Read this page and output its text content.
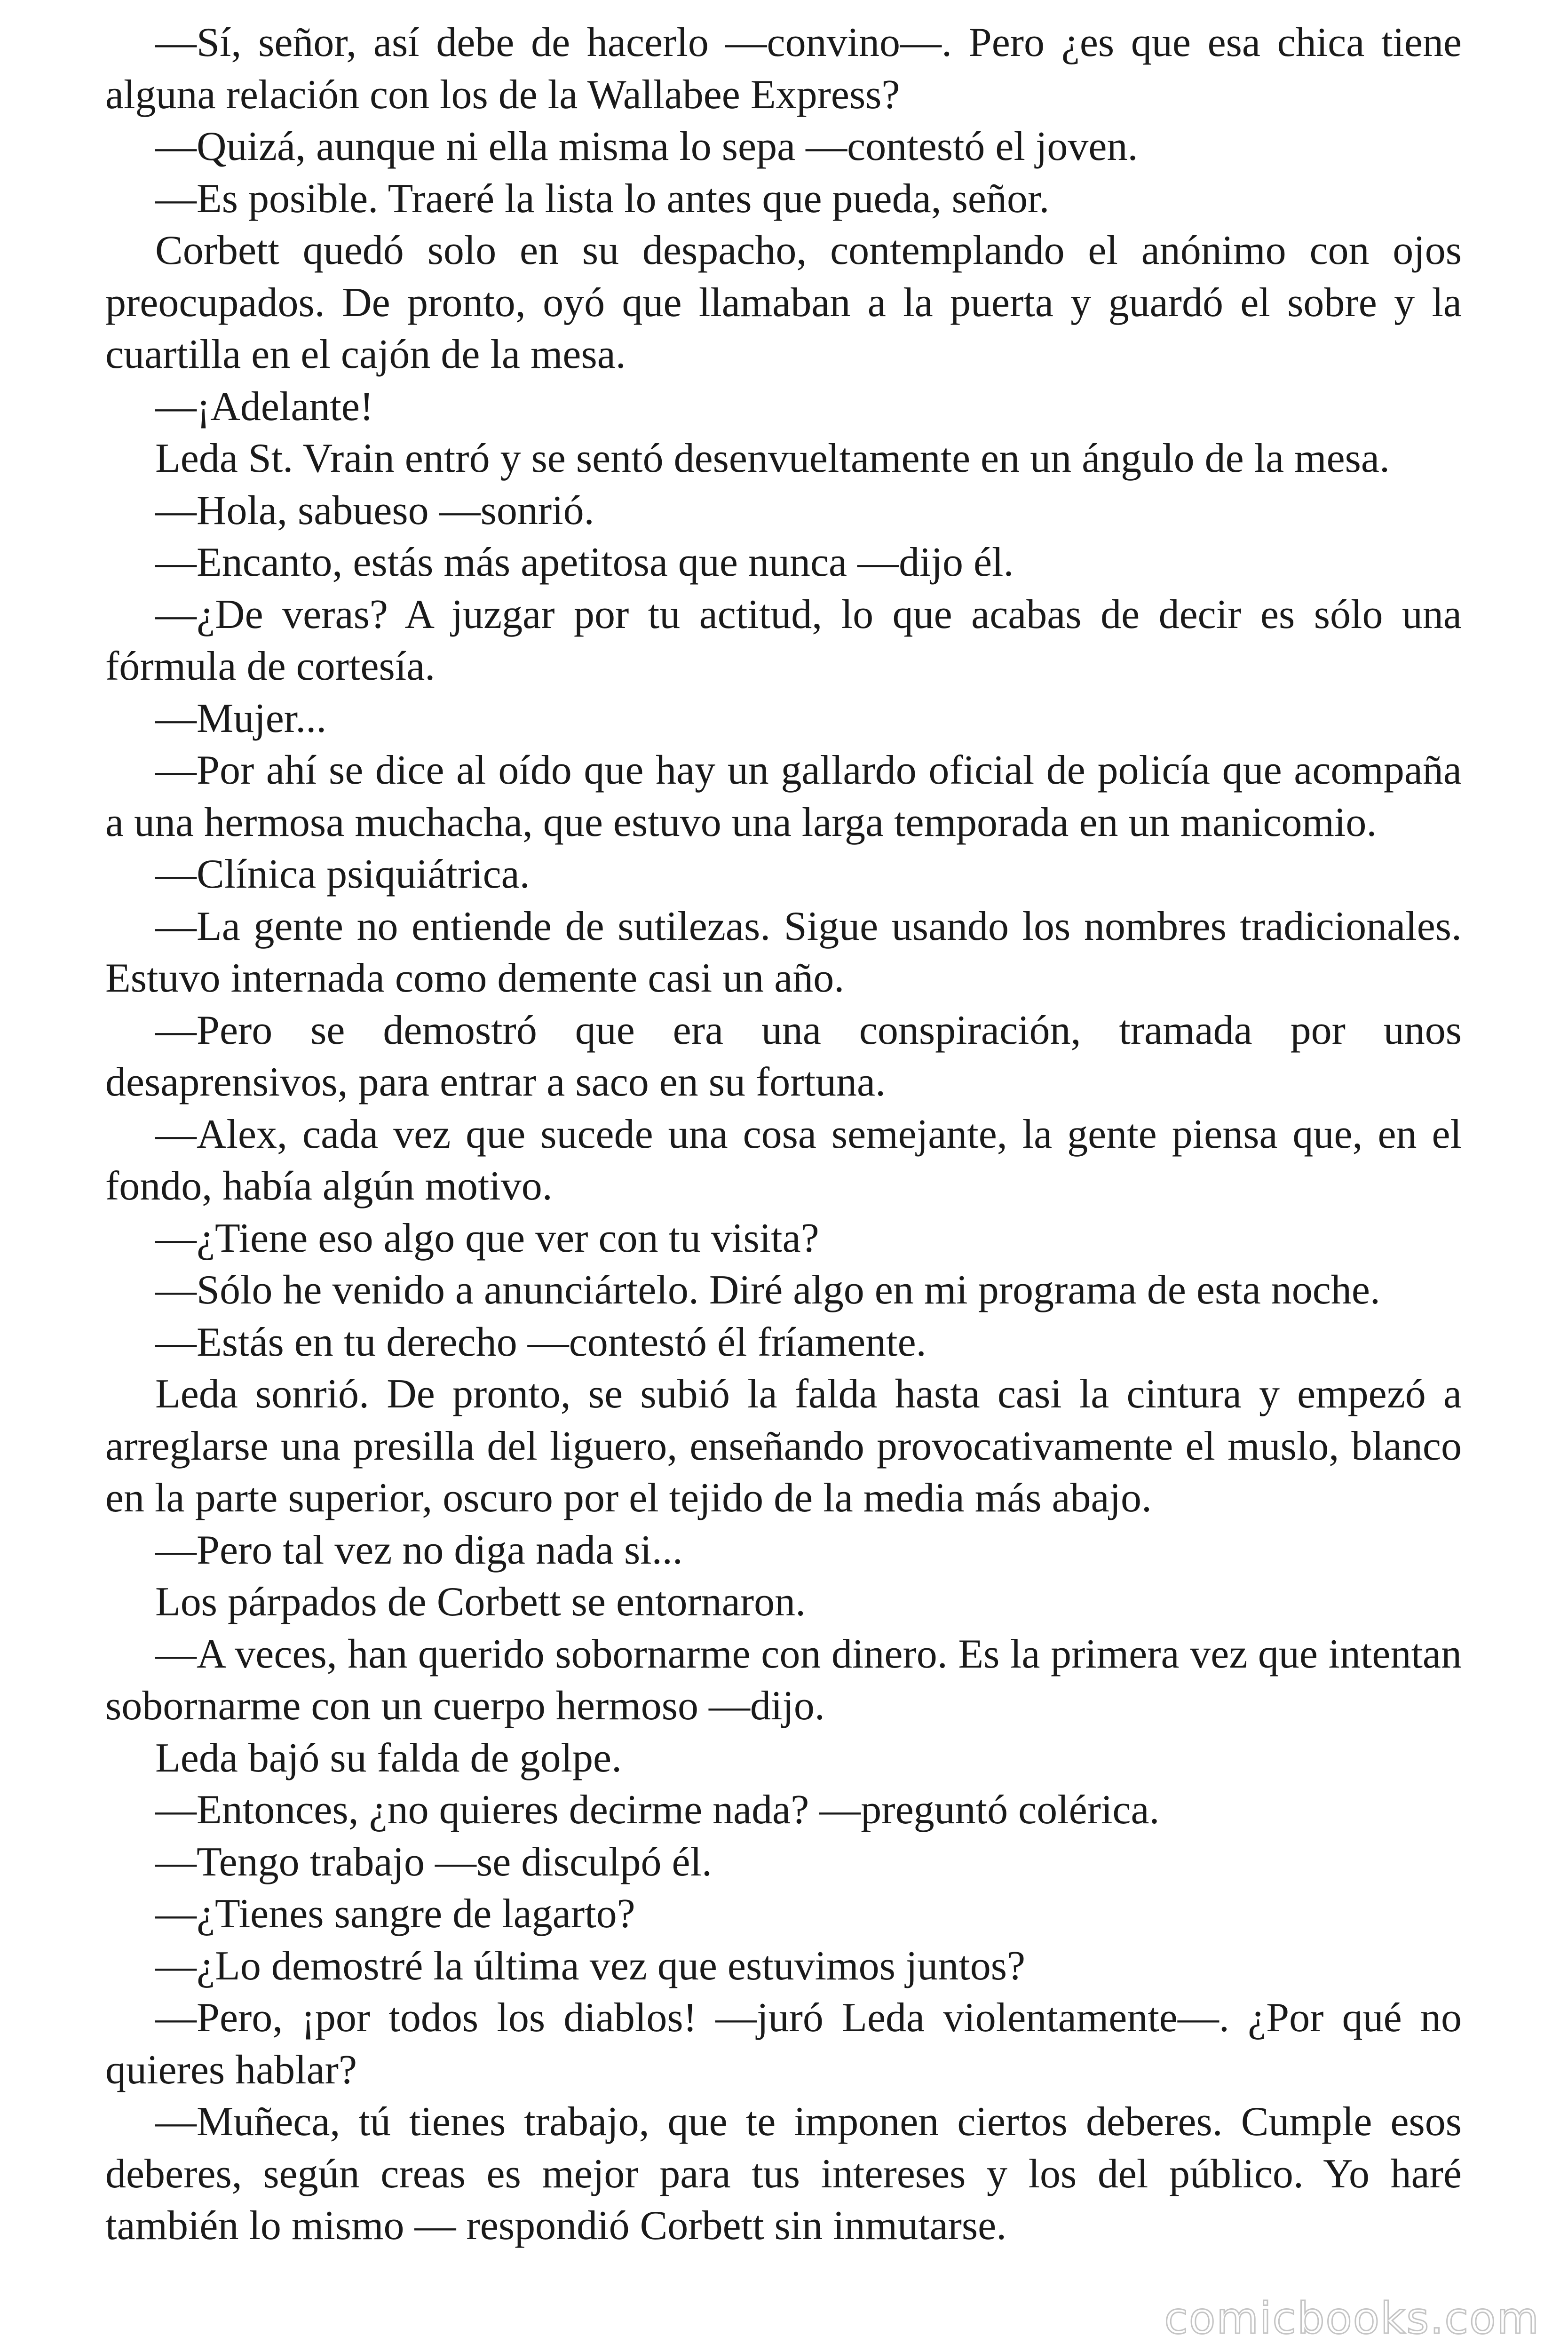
—Sí, señor, así debe de hacerlo —convino—. Pero ¿es que esa chica tiene alguna relación con los de la Wallabee Express?

—Quizá, aunque ni ella misma lo sepa —contestó el joven.

—Es posible. Traeré la lista lo antes que pueda, señor.

Corbett quedó solo en su despacho, contemplando el anónimo con ojos preocupados. De pronto, oyó que llamaban a la puerta y guardó el sobre y la cuartilla en el cajón de la mesa.

—¡Adelante!

Leda St. Vrain entró y se sentó desenvueltamente en un ángulo de la mesa.

—Hola, sabueso —sonrió.

—Encanto, estás más apetitosa que nunca —dijo él.

—¿De veras? A juzgar por tu actitud, lo que acabas de decir es sólo una fórmula de cortesía.

—Mujer...

—Por ahí se dice al oído que hay un gallardo oficial de policía que acompaña a una hermosa muchacha, que estuvo una larga temporada en un manicomio.

—Clínica psiquiátrica.

—La gente no entiende de sutilezas. Sigue usando los nombres tradicionales. Estuvo internada como demente casi un año.

—Pero se demostró que era una conspiración, tramada por unos desaprensivos, para entrar a saco en su fortuna.

—Alex, cada vez que sucede una cosa semejante, la gente piensa que, en el fondo, había algún motivo.

—¿Tiene eso algo que ver con tu visita?

—Sólo he venido a anunciártelo. Diré algo en mi programa de esta noche.

—Estás en tu derecho —contestó él fríamente.

Leda sonrió. De pronto, se subió la falda hasta casi la cintura y empezó a arreglarse una presilla del liguero, enseñando provocativamente el muslo, blanco en la parte superior, oscuro por el tejido de la media más abajo.

—Pero tal vez no diga nada si...

Los párpados de Corbett se entornaron.

—A veces, han querido sobornarme con dinero. Es la primera vez que intentan sobornarme con un cuerpo hermoso —dijo.

Leda bajó su falda de golpe.

—Entonces, ¿no quieres decirme nada? —preguntó colérica.

—Tengo trabajo —se disculpó él.

—¿Tienes sangre de lagarto?

—¿Lo demostré la última vez que estuvimos juntos?

—Pero, ¡por todos los diablos! —juró Leda violentamente—. ¿Por qué no quieres hablar?

—Muñeca, tú tienes trabajo, que te imponen ciertos deberes. Cumple esos deberes, según creas es mejor para tus intereses y los del público. Yo haré también lo mismo — respondió Corbett sin inmutarse.

comicbooks.com
